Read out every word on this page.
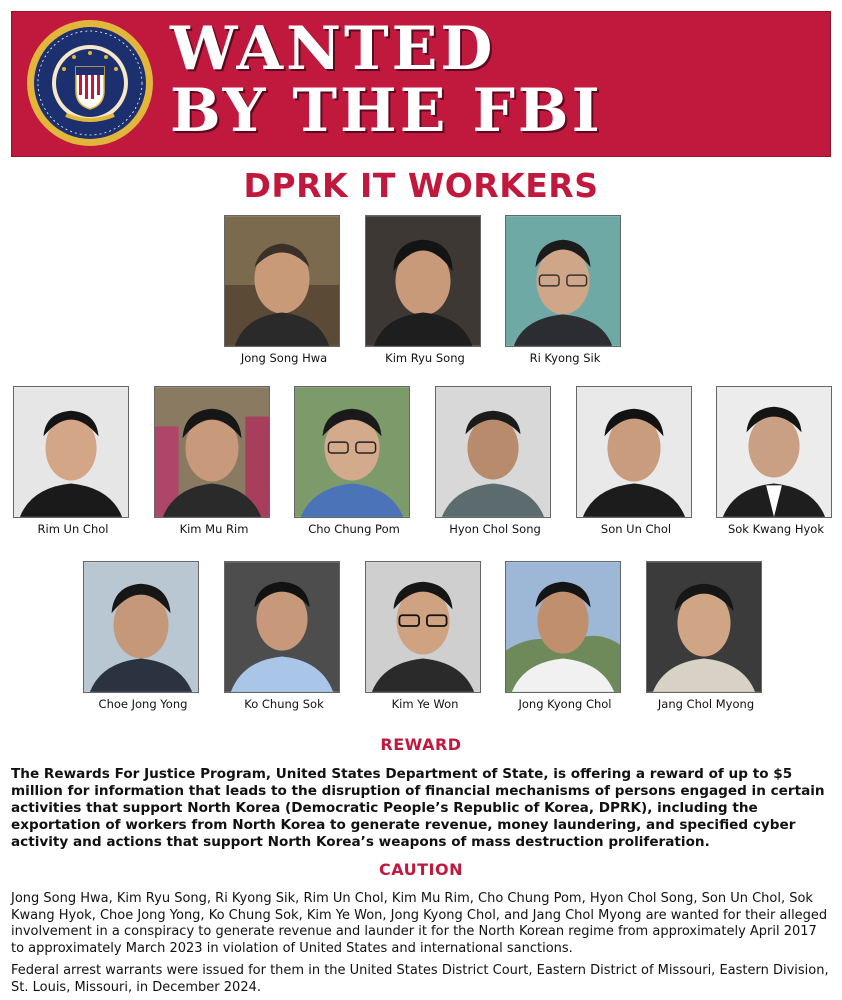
WANTED
BY THE FBI
DPRK IT WORKERS
Jong Song Hwa	Kim Ryu Song	Ri Kyong Sik
Rim Un Chol	Kim Mu Rim	Cho Chung Pom	Hyon Chol Song	Son Un Chol	Sok Kwang Hyok
Choe Jong Yong	Ko Chung Sok	Kim Ye Won	Jong Kyong Chol	Jang Chol Myong
REWARD
The Rewards For Justice Program, United States Department of State, is offering a reward of up to $5 million for information that leads to the disruption of financial mechanisms of persons engaged in certain activities that support North Korea (Democratic People’s Republic of Korea, DPRK), including the exportation of workers from North Korea to generate revenue, money laundering, and specified cyber activity and actions that support North Korea’s weapons of mass destruction proliferation.
CAUTION
Jong Song Hwa, Kim Ryu Song, Ri Kyong Sik, Rim Un Chol, Kim Mu Rim, Cho Chung Pom, Hyon Chol Song, Son Un Chol, Sok Kwang Hyok, Choe Jong Yong, Ko Chung Sok, Kim Ye Won, Jong Kyong Chol, and Jang Chol Myong are wanted for their alleged involvement in a conspiracy to generate revenue and launder it for the North Korean regime from approximately April 2017 to approximately March 2023 in violation of United States and international sanctions.
Federal arrest warrants were issued for them in the United States District Court, Eastern District of Missouri, Eastern Division, St. Louis, Missouri, in December 2024.
